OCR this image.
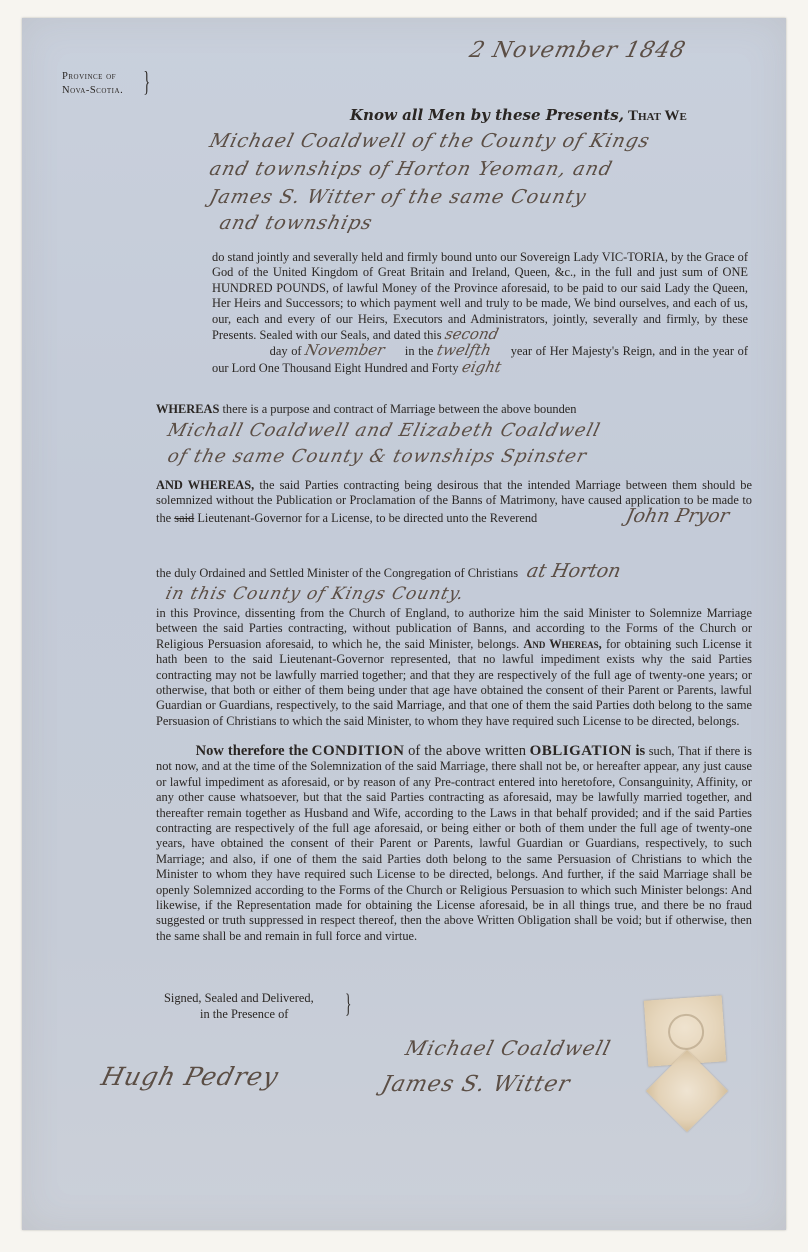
2 November 1848
Province of
Nova-Scotia. }
Know all Men by these Presents, That We
Michael Coaldwell of the County of Kings
and townships of Horton Yeoman, and
James S. Witter of the same County
and townships
do stand jointly and severally held and firmly bound unto our Sovereign Lady VIC-TORIA, by the Grace of God of the United Kingdom of Great Britain and Ireland, Queen, &c., in the full and just sum of ONE HUNDRED POUNDS, of lawful Money of the Province aforesaid, to be paid to our said Lady the Queen, Her Heirs and Successors; to which payment well and truly to be made, We bind ourselves, and each of us, our, each and every of our Heirs, Executors and Administrators, jointly, severally and firmly, by these Presents. Sealed with our Seals, and dated this second
day of November in the twelfth year of Her Majesty's Reign, and in the year of our Lord One Thousand Eight Hundred and Forty eight
WHEREAS there is a purpose and contract of Marriage between the above bounden
Michall Coaldwell and Elizabeth Coaldwell
of the same County & townships Spinster
AND WHEREAS, the said Parties contracting being desirous that the intended Marriage between them should be solemnized without the Publication or Proclamation of the Banns of Matrimony, have caused application to be made to the said Lieutenant-Governor for a License, to be directed unto the Reverend	John Pryor
the duly Ordained and Settled Minister of the Congregation of Christians at Horton
in this County of Kings County.
in this Province, dissenting from the Church of England, to authorize him the said Minister to Solemnize Marriage between the said Parties contracting, without publication of Banns, and according to the Forms of the Church or Religious Persuasion aforesaid, to which he, the said Minister, belongs. And Whereas, for obtaining such License it hath been to the said Lieutenant-Governor represented, that no lawful impediment exists why the said Parties contracting may not be lawfully married together; and that they are respectively of the full age of twenty-one years; or otherwise, that both or either of them being under that age have obtained the consent of their Parent or Parents, lawful Guardian or Guardians, respectively, to the said Marriage, and that one of them the said Parties doth belong to the same Persuasion of Christians to which the said Minister, to whom they have required such License to be directed, belongs.
Now therefore the CONDITION of the above written OBLIGATION is such, That if there is not now, and at the time of the Solemnization of the said Marriage, there shall not be, or hereafter appear, any just cause or lawful impediment as aforesaid, or by reason of any Pre-contract entered into heretofore, Consanguinity, Affinity, or any other cause whatsoever, but that the said Parties contracting as aforesaid, may be lawfully married together, and thereafter remain together as Husband and Wife, according to the Laws in that behalf provided; and if the said Parties contracting are respectively of the full age aforesaid, or being either or both of them under the full age of twenty-one years, have obtained the consent of their Parent or Parents, lawful Guardian or Guardians, respectively, to such Marriage; and also, if one of them the said Parties doth belong to the same Persuasion of Christians to which the Minister to whom they have required such License to be directed, belongs. And further, if the said Marriage shall be openly Solemnized according to the Forms of the Church or Religious Persuasion to which such Minister belongs: And likewise, if the Representation made for obtaining the License aforesaid, be in all things true, and there be no fraud suggested or truth suppressed in respect thereof, then the above Written Obligation shall be void; but if otherwise, then the same shall be and remain in full force and virtue.
Signed, Sealed and Delivered,
in the Presence of	}
Hugh Pedrey
Michael Coaldwell
James S. Witter
